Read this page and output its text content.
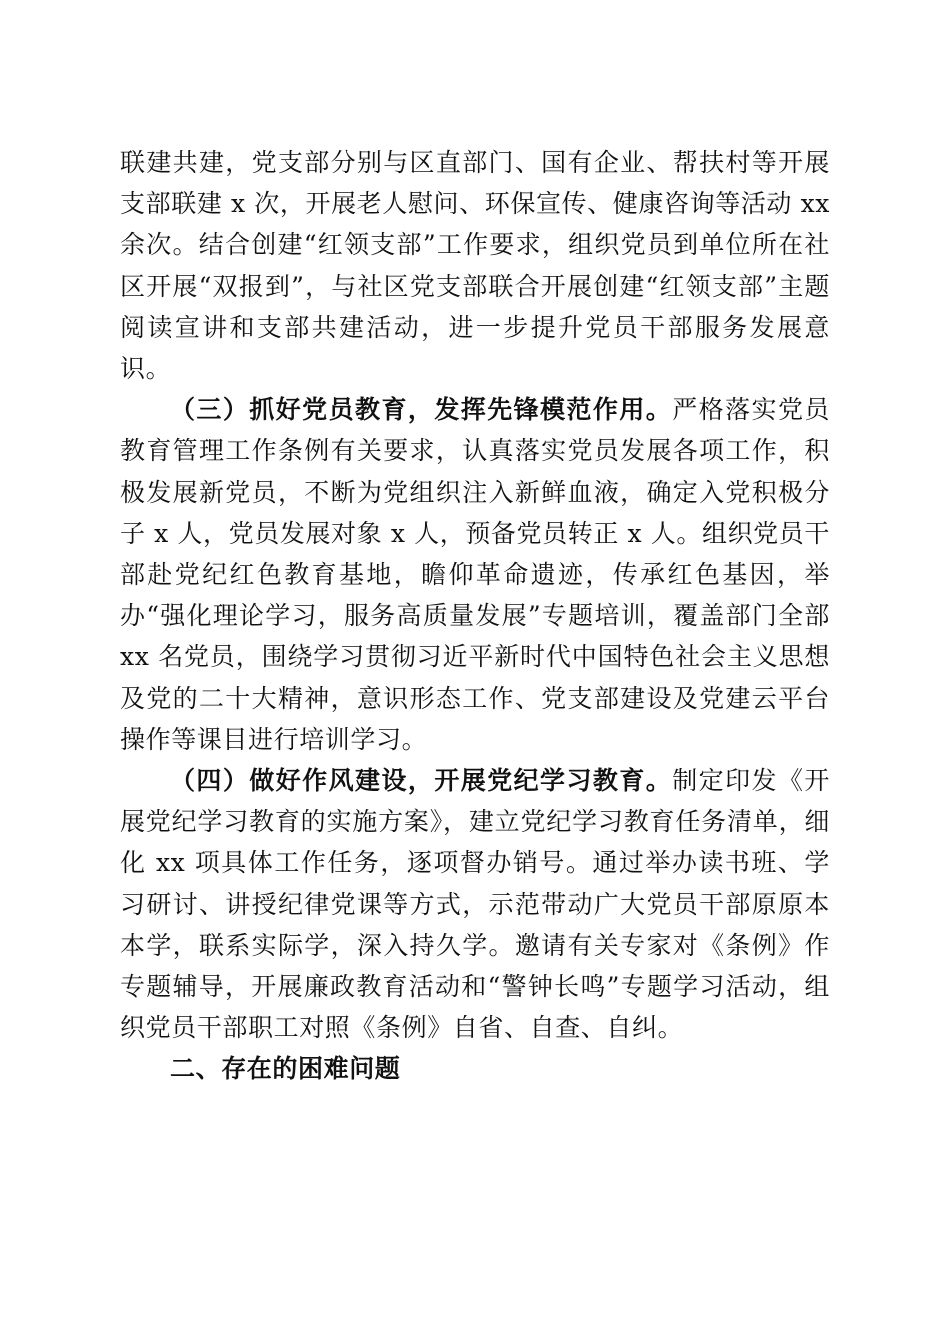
联建共建，党支部分别与区直部门、国有企业、帮扶村等开展支部联建 x 次，开展老人慰问、环保宣传、健康咨询等活动 xx 余次。结合创建“红领支部”工作要求，组织党员到单位所在社区开展“双报到”，与社区党支部联合开展创建“红领支部”主题阅读宣讲和支部共建活动，进一步提升党员干部服务发展意识。

（三）抓好党员教育，发挥先锋模范作用。严格落实党员教育管理工作条例有关要求，认真落实党员发展各项工作，积极发展新党员，不断为党组织注入新鲜血液，确定入党积极分子 x 人，党员发展对象 x 人，预备党员转正 x 人。组织党员干部赴党纪红色教育基地，瞻仰革命遗迹，传承红色基因，举办“强化理论学习，服务高质量发展”专题培训，覆盖部门全部 xx 名党员，围绕学习贯彻习近平新时代中国特色社会主义思想及党的二十大精神，意识形态工作、党支部建设及党建云平台操作等课目进行培训学习。

（四）做好作风建设，开展党纪学习教育。制定印发《开展党纪学习教育的实施方案》，建立党纪学习教育任务清单，细化 xx 项具体工作任务，逐项督办销号。通过举办读书班、学习研讨、讲授纪律党课等方式，示范带动广大党员干部原原本本学，联系实际学，深入持久学。邀请有关专家对《条例》作专题辅导，开展廉政教育活动和“警钟长鸣”专题学习活动，组织党员干部职工对照《条例》自省、自查、自纠。

二、存在的困难问题
